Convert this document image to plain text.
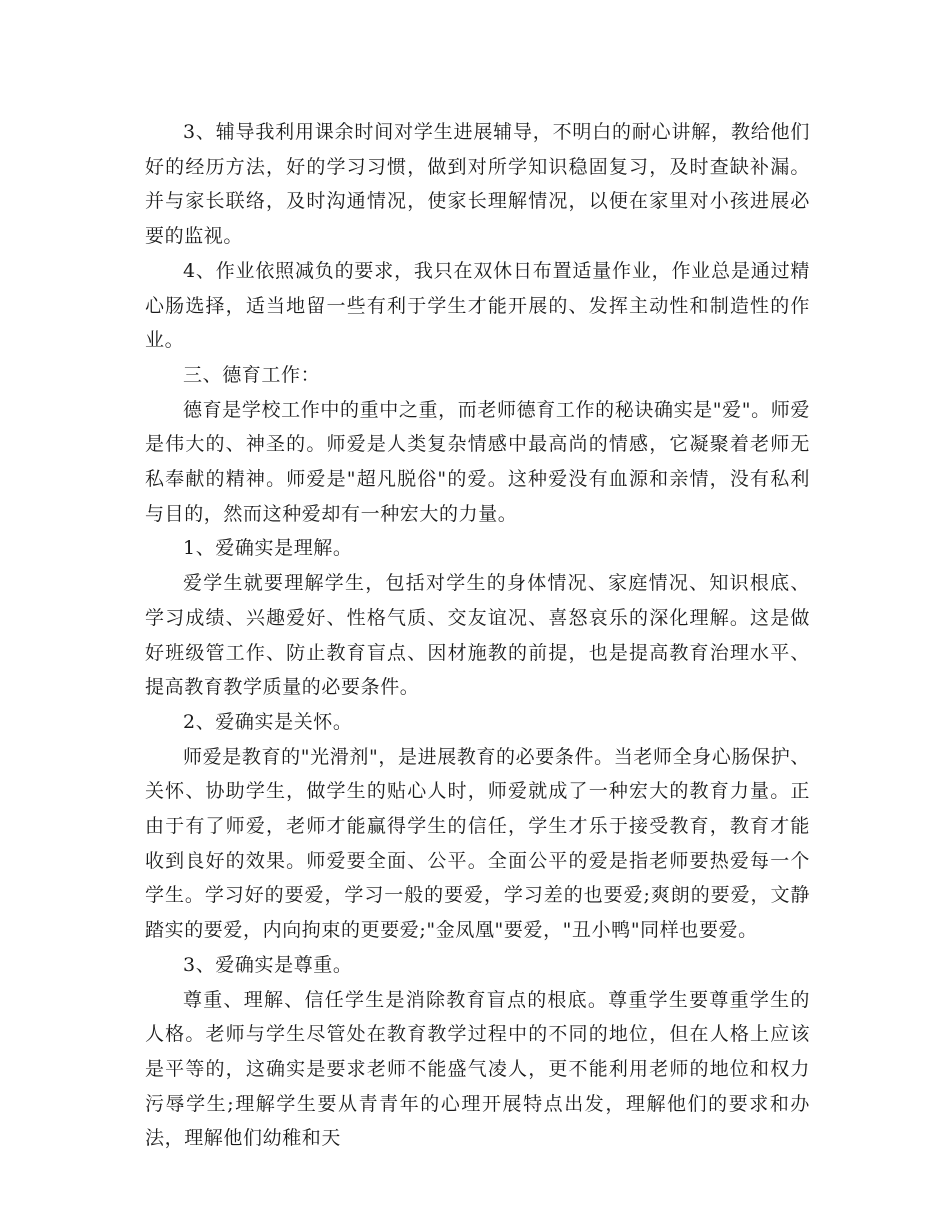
3、辅导我利用课余时间对学生进展辅导，不明白的耐心讲解，教给他们好的经历方法，好的学习习惯，做到对所学知识稳固复习，及时查缺补漏。并与家长联络，及时沟通情况，使家长理解情况，以便在家里对小孩进展必要的监视。

4、作业依照减负的要求，我只在双休日布置适量作业，作业总是通过精心肠选择，适当地留一些有利于学生才能开展的、发挥主动性和制造性的作业。

三、德育工作：

德育是学校工作中的重中之重，而老师德育工作的秘诀确实是"爱"。师爱是伟大的、神圣的。师爱是人类复杂情感中最高尚的情感，它凝聚着老师无私奉献的精神。师爱是"超凡脱俗"的爱。这种爱没有血源和亲情，没有私利与目的，然而这种爱却有一种宏大的力量。

1、爱确实是理解。

爱学生就要理解学生，包括对学生的身体情况、家庭情况、知识根底、学习成绩、兴趣爱好、性格气质、交友谊况、喜怒哀乐的深化理解。这是做好班级管工作、防止教育盲点、因材施教的前提，也是提高教育治理水平、提高教育教学质量的必要条件。

2、爱确实是关怀。

师爱是教育的"光滑剂"，是进展教育的必要条件。当老师全身心肠保护、关怀、协助学生，做学生的贴心人时，师爱就成了一种宏大的教育力量。正由于有了师爱，老师才能赢得学生的信任，学生才乐于接受教育，教育才能收到良好的效果。师爱要全面、公平。全面公平的爱是指老师要热爱每一个学生。学习好的要爱，学习一般的要爱，学习差的也要爱;爽朗的要爱，文静踏实的要爱，内向拘束的更要爱;"金凤凰"要爱，"丑小鸭"同样也要爱。

3、爱确实是尊重。

尊重、理解、信任学生是消除教育盲点的根底。尊重学生要尊重学生的人格。老师与学生尽管处在教育教学过程中的不同的地位，但在人格上应该是平等的，这确实是要求老师不能盛气凌人，更不能利用老师的地位和权力污辱学生;理解学生要从青青年的心理开展特点出发，理解他们的要求和办法，理解他们幼稚和天
